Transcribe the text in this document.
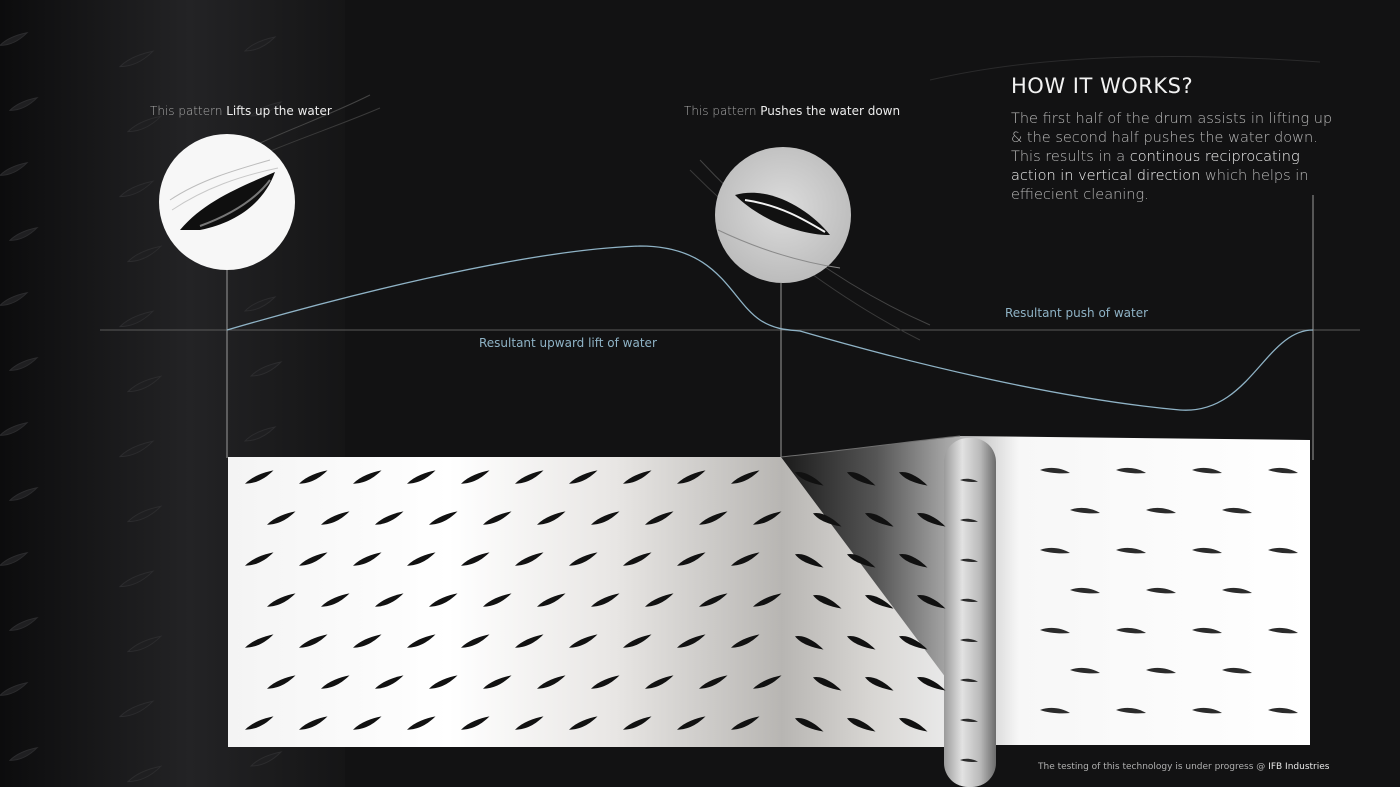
This pattern Lifts up the water	This pattern Pushes the water down
Resultant upward lift of water
Resultant push of water
HOW IT WORKS?
The first half of the drum assists in lifting up & the second half pushes the water down. This results in a continous reciprocating action in vertical direction which helps in effiecient cleaning.
The testing of this technology is under progress @ IFB Industries
